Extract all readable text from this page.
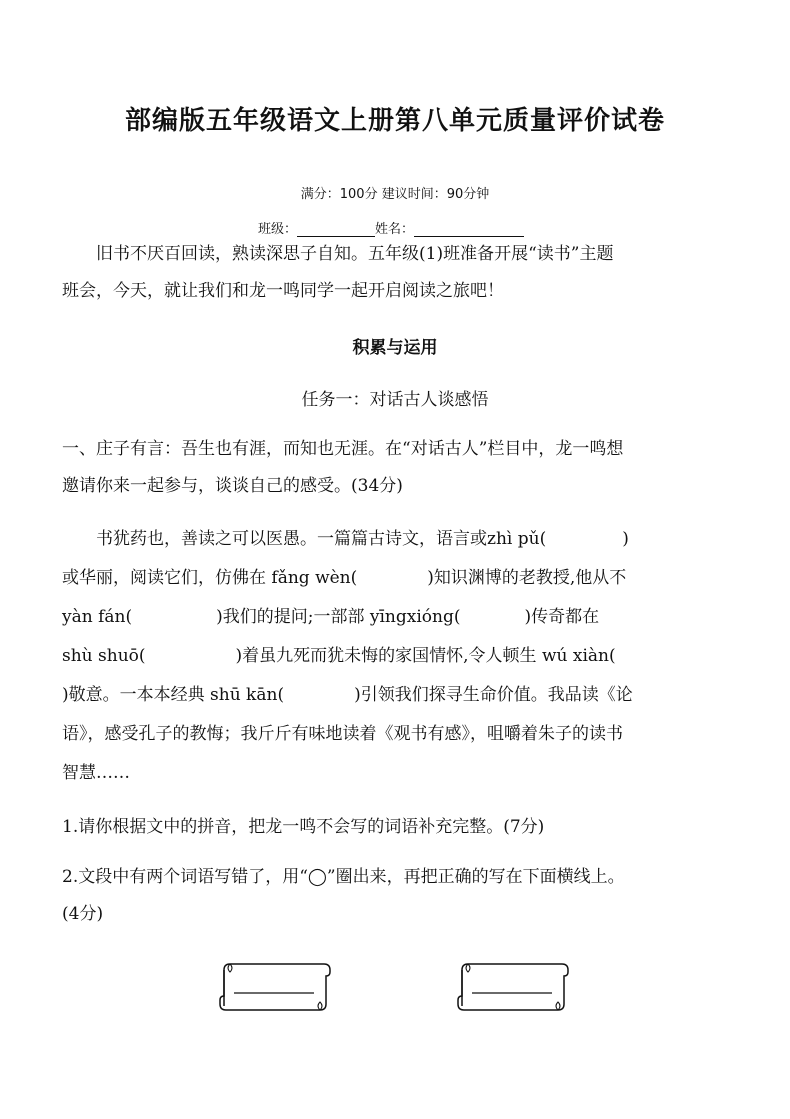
部编版五年级语文上册第八单元质量评价试卷
满分：100分 建议时间：90分钟
班级：	姓名：
旧书不厌百回读，熟读深思子自知。五年级(1)班准备开展“读书”主题
班会，今天，就让我们和龙一鸣同学一起开启阅读之旅吧！
积累与运用
任务一：对话古人谈感悟
一、庄子有言：吾生也有涯，而知也无涯。在“对话古人”栏目中，龙一鸣想
邀请你来一起参与，谈谈自己的感受。(34分)
书犹药也，善读之可以医愚。一篇篇古诗文，语言或zhì pǔ(	)
或华丽，阅读它们，仿佛在 fǎng wèn(	)知识渊博的老教授,他从不
yàn fán(	)我们的提问;一部部 yīngxióng(	)传奇都在
shù shuō(	)着虽九死而犹未悔的家国情怀,令人顿生 wú xiàn(
)敬意。一本本经典 shū kān(	)引领我们探寻生命价值。我品读《论
语》，感受孔子的教悔；我斤斤有味地读着《观书有感》，咀嚼着朱子的读书
智慧……
1.请你根据文中的拼音，把龙一鸣不会写的词语补充完整。(7分)
2.文段中有两个词语写错了，用“◯”圈出来，再把正确的写在下面横线上。
(4分)
